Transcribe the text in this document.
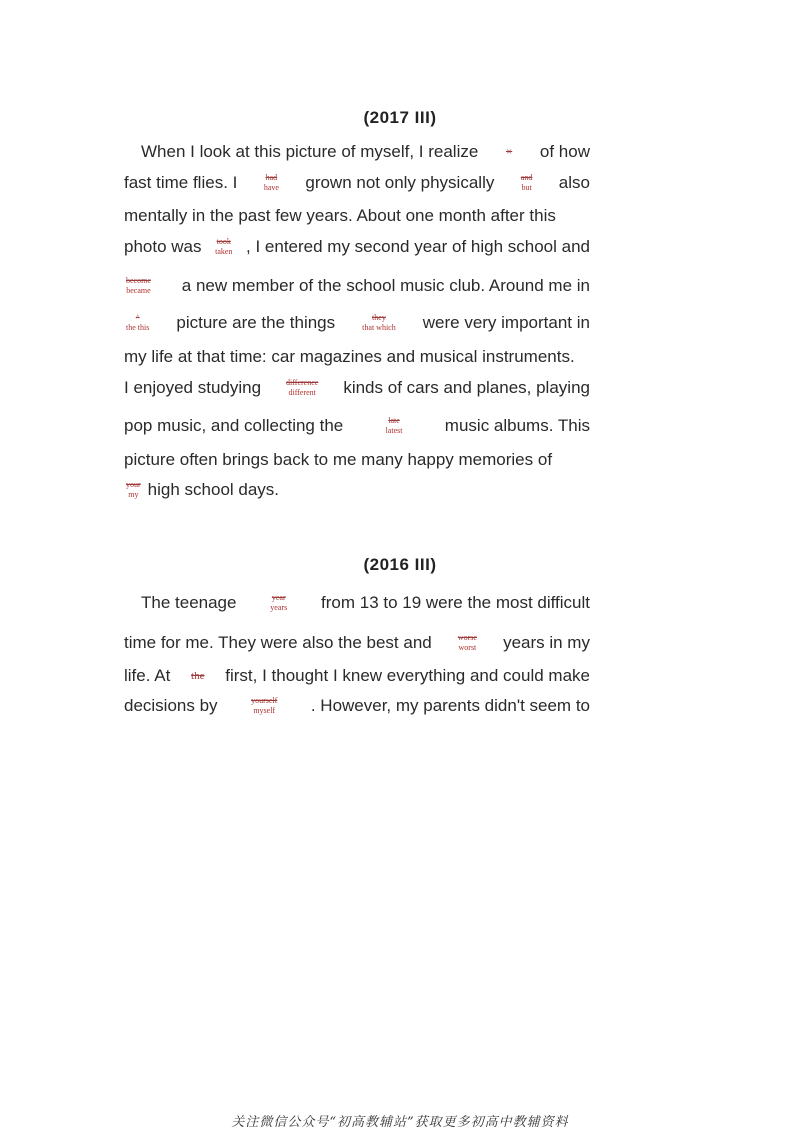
(2017 III)
When I look at this picture of myself, I realize	× of how
fast time flies. I	had
have grown not only physically	and
but also
mentally in the past few years. About one month after this
photo was took
taken , I entered my second year of high school and
become
became a new member of the school music club. Around me in
^
the this picture are the things	they
that which were very important in
my life at that time: car magazines and musical instruments.
I enjoyed studying	difference
different kinds of cars and planes, playing
pop music, and collecting the	late
latest music albums. This
picture often brings back to me many happy memories of
your
my high school days.
(2016 III)
The teenage	year
years from 13 to 19 were the most difficult
time for me. They were also the best and	worse
worst years in my
life. At the first, I thought I knew everything and could make
decisions by	yourself
myself . However, my parents didn't seem to
关注微信公众号“初高教辅站”获取更多初高中教辅资料
